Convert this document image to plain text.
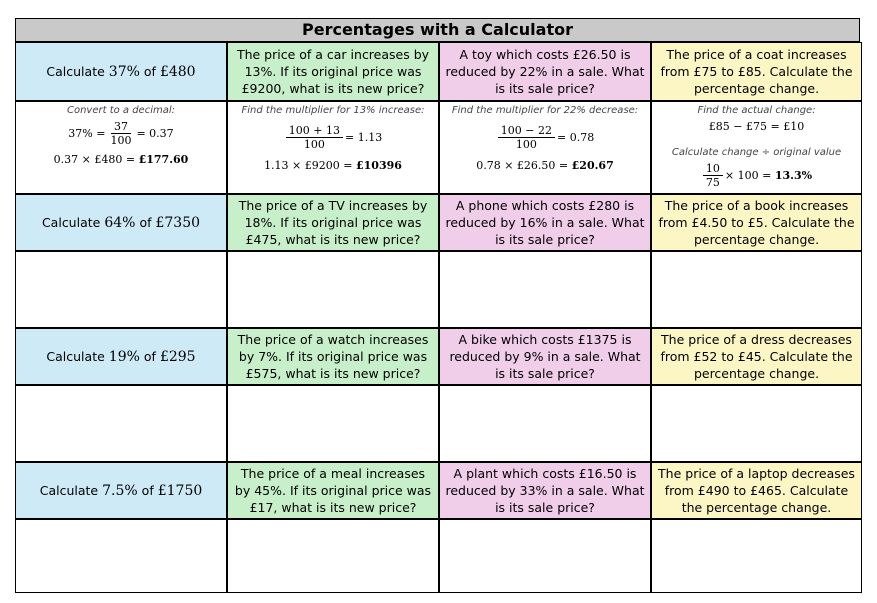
Percentages with a Calculator
Calculate 37% of £480
The price of a car increases by 13%. If its original price was £9200, what is its new price?
A toy which costs £26.50 is reduced by 22% in a sale. What is its sale price?
The price of a coat increases from £75 to £85. Calculate the percentage change.
Convert to a decimal:
$37\% = \frac{37}{100} = 0.37$
0.37 × £480 =
£177.60
Find the multiplier for 13% increase:
$\frac{100 + 13}{100} = 1.13$
1.13 × £9200 =
£10396
Find the multiplier for 22% decrease:
$\frac{100 - 22}{100} = 0.78$
0.78 × £26.50 =
£20.67
Find the actual change:
£85 − £75 = £10
Calculate change ÷ original value
$\frac{10}{75} \times 100$ =
13.3%
Calculate 64% of £7350
The price of a TV increases by 18%. If its original price was £475, what is its new price?
A phone which costs £280 is reduced by 16% in a sale. What is its sale price?
The price of a book increases from £4.50 to £5. Calculate the percentage change.
Calculate 19% of £295
The price of a watch increases by 7%. If its original price was £575, what is its new price?
A bike which costs £1375 is reduced by 9% in a sale. What is its sale price?
The price of a dress decreases from £52 to £45. Calculate the percentage change.
Calculate 7.5% of £1750
The price of a meal increases by 45%. If its original price was £17, what is its new price?
A plant which costs £16.50 is reduced by 33% in a sale. What is its sale price?
The price of a laptop decreases from £490 to £465. Calculate the percentage change.
